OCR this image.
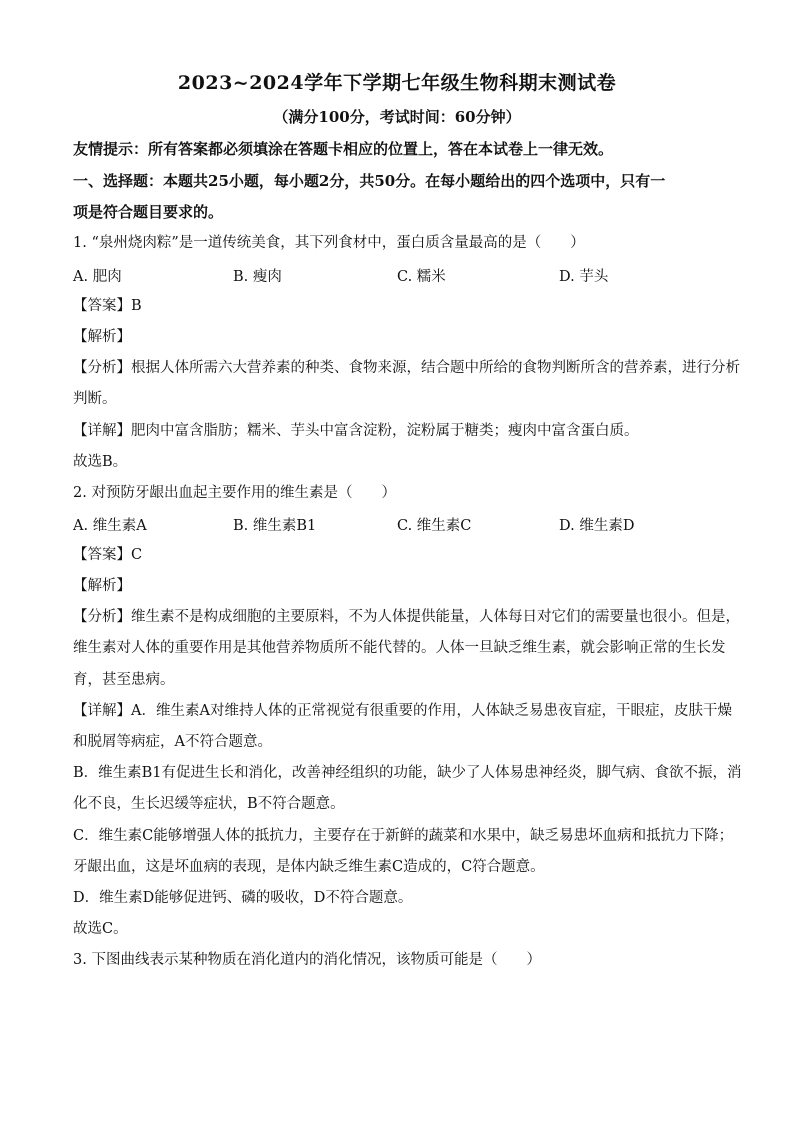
2023~2024学年下学期七年级生物科期末测试卷
（满分100分，考试时间：60分钟）
友情提示：所有答案都必须填涂在答题卡相应的位置上，答在本试卷上一律无效。
一、选择题：本题共25小题，每小题2分，共50分。在每小题给出的四个选项中，只有一
项是符合题目要求的。
1. “泉州烧肉粽”是一道传统美食，其下列食材中，蛋白质含量最高的是（　　）
A. 肥肉	B. 瘦肉	C. 糯米	D. 芋头
【答案】B
【解析】
【分析】根据人体所需六大营养素的种类、食物来源，结合题中所给的食物判断所含的营养素，进行分析
判断。
【详解】肥肉中富含脂肪；糯米、芋头中富含淀粉，淀粉属于糖类；瘦肉中富含蛋白质。
故选B。
2. 对预防牙龈出血起主要作用的维生素是（　　）
A. 维生素A	B. 维生素B1	C. 维生素C	D. 维生素D
【答案】C
【解析】
【分析】维生素不是构成细胞的主要原料，不为人体提供能量，人体每日对它们的需要量也很小。但是，
维生素对人体的重要作用是其他营养物质所不能代替的。人体一旦缺乏维生素，就会影响正常的生长发
育，甚至患病。
【详解】A．维生素A对维持人体的正常视觉有很重要的作用，人体缺乏易患夜盲症，干眼症，皮肤干燥
和脱屑等病症，A不符合题意。
B．维生素B1有促进生长和消化，改善神经组织的功能，缺少了人体易患神经炎，脚气病、食欲不振，消
化不良，生长迟缓等症状，B不符合题意。
C．维生素C能够增强人体的抵抗力，主要存在于新鲜的蔬菜和水果中，缺乏易患坏血病和抵抗力下降；
牙龈出血，这是坏血病的表现，是体内缺乏维生素C造成的，C符合题意。
D．维生素D能够促进钙、磷的吸收，D不符合题意。
故选C。
3. 下图曲线表示某种物质在消化道内的消化情况，该物质可能是（　　）
